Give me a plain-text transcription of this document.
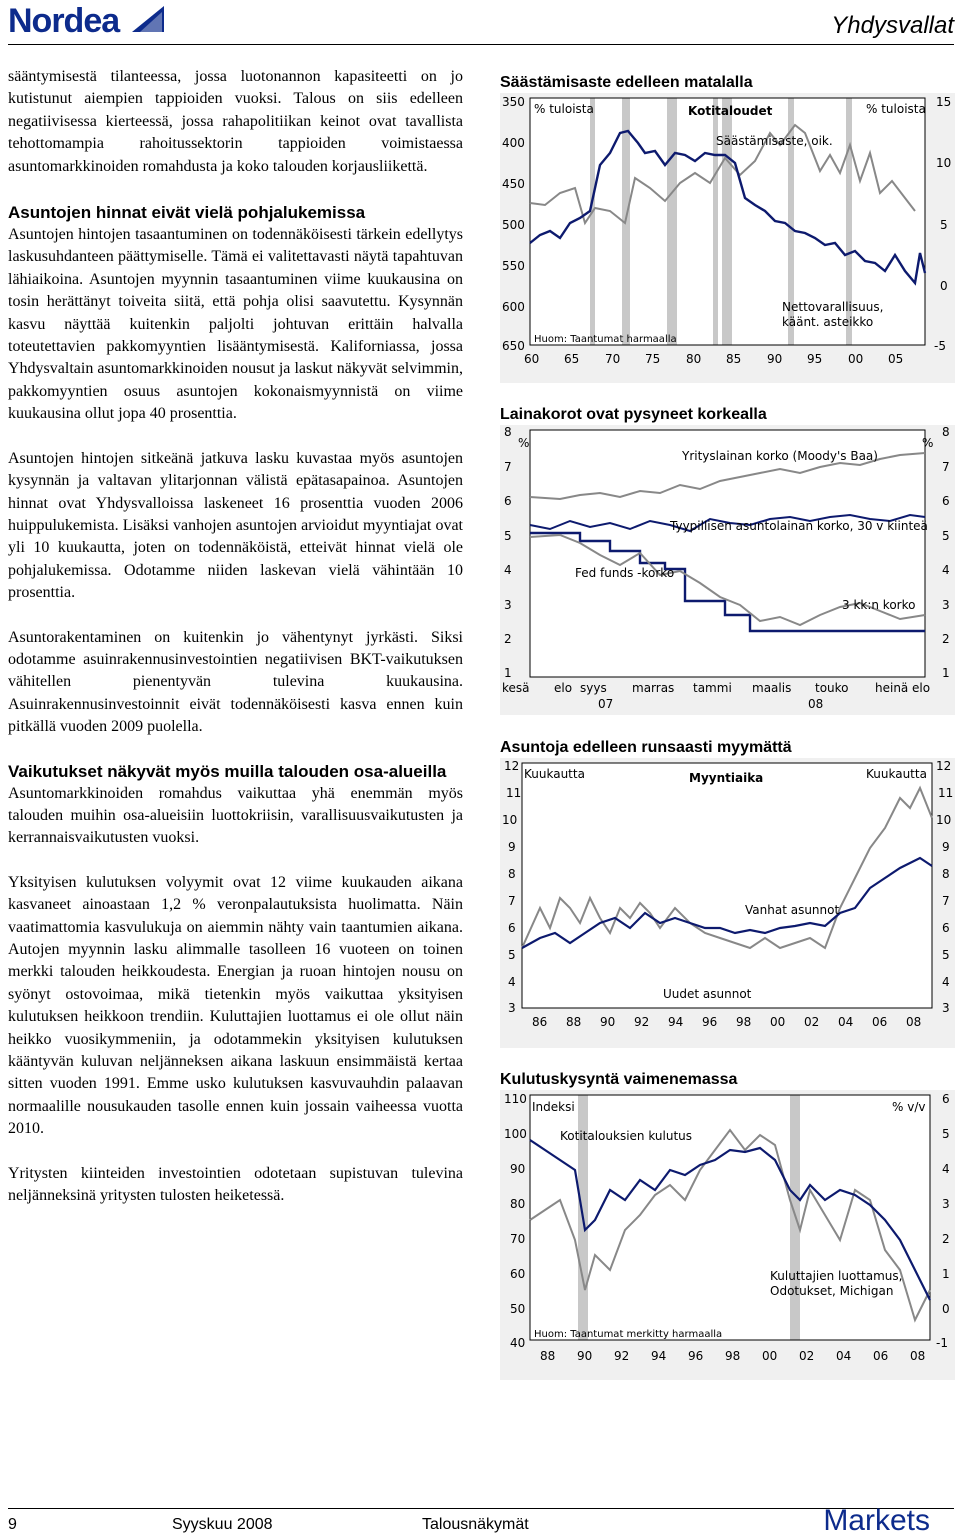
Nordea	Yhdysvallat

sääntymisestä tilanteessa, jossa luotonannon kapasiteetti on jo kutistunut aiempien tappioiden vuoksi. Talous on siis edelleen negatiivisessa kierteessä, jossa rahapolitiikan keinot ovat tavallista tehottomampia rahoitussektorin tappioiden voimistaessa asuntomarkkinoiden romahdusta ja koko talouden korjausliikettä.

Asuntojen hinnat eivät vielä pohjalukemissa

Asuntojen hintojen tasaantuminen on todennäköisesti tärkein edellytys laskusuhdanteen päättymiselle. Tämä ei valitettavasti näytä tapahtuvan lähiaikoina. Asuntojen myynnin tasaantuminen viime kuukausina on tosin herättänyt toiveita siitä, että pohja olisi saavutettu. Kysynnän kasvu näyttää kuitenkin paljolti johtuvan erittäin halvalla toteutettavien pakkomyyntien lisääntymisestä. Kaliforniassa, jossa Yhdysvaltain asuntomarkkinoiden nousut ja laskut näkyvät selvimmin, pakkomyyntien osuus asuntojen kokonaismyynnistä on viime kuukausina ollut jopa 40 prosenttia.

Asuntojen hintojen sitkeänä jatkuva lasku kuvastaa myös asuntojen kysynnän ja valtavan ylitarjonnan välistä epätasapainoa. Asuntojen hinnat ovat Yhdysvalloissa laskeneet 16 prosenttia vuoden 2006 huippulukemista. Lisäksi vanhojen asuntojen arvioidut myyntiajat ovat yli 10 kuukautta, joten on todennäköistä, etteivät hinnat vielä ole pohjalukemissa. Odotamme niiden laskevan vielä vähintään 10 prosenttia.

Asuntorakentaminen on kuitenkin jo vähentynyt jyrkästi. Siksi odotamme asuinrakennusinvestointien negatiivisen BKT-vaikutuksen vähitellen pienentyvän tulevina kuukausina. Asuinrakennusinvestoinnit eivät todennäköisesti kasva ennen kuin pitkällä vuoden 2009 puolella.

Vaikutukset näkyvät myös muilla talouden osa-alueilla

Asuntomarkkinoiden romahdus vaikuttaa yhä enemmän myös talouden muihin osa-alueisiin luottokriisin, varallisuusvaikutusten ja kerrannaisvaikutusten vuoksi.

Yksityisen kulutuksen volyymit ovat 12 viime kuukauden aikana kasvaneet ainoastaan 1,2 % veronpalautuksista huolimatta. Näin vaatimattomia kasvulukuja on aiemmin nähty vain taantumien aikana. Autojen myynnin lasku alimmalle tasolleen 16 vuoteen on toinen merkki talouden heikkoudesta. Energian ja ruoan hintojen nousu on syönyt ostovoimaa, mikä tietenkin myös vaikuttaa yksityisen kulutuksen heikkoon trendiin. Kuluttajien luottamus ei ole ollut näin heikko vuosikymmeniin, ja odotammekin yksityisen kulutuksen kääntyvän kuluvan neljänneksen aikana laskuun ensimmäistä kertaa sitten vuoden 1991. Emme usko kulutuksen kasvuvauhdin palaavan normaalille nousukauden tasolle ennen kuin jossain vaiheessa vuotta 2010.

Yritysten kiinteiden investointien odotetaan supistuvan tulevina neljänneksinä yritysten tulosten heiketessä.

Säästämisaste edelleen matalalla
350
400
450
500
550
600
650
15
10
5
0
-5
60 65 70 75 80 85 90 95 00 05
% tuloista	% tuloista
Kotitaloudet
Säästämisaste, oik.
Nettovarallisuus,
käänt. asteikko
Huom: Taantumat harmaalla
Lainakorot ovat pysyneet korkealla
8
7
6
5
4
3
2
1
8
7
6
5
4
3
2
1
kesä elo syys marras tammi maalis touko heinä elo
07	08
%	%
Yrityslainan korko (Moody's Baa)
Tyypillisen asuntolainan korko, 30 v kiinteä
Fed funds -korko
3 kk:n korko
Asuntoja edelleen runsaasti myymättä
12
11
10
9
8
7
6
5
4
3
12
11
10
9
8
7
6
5
4
3
86 88 90 92 94 96 98 00 02 04 06 08
Kuukautta	Kuukautta
Myyntiaika
Vanhat asunnot
Uudet asunnot
Kulutuskysyntä vaimenemassa
110
100
90
80
70
60
50
40
6
5
4
3
2
1
0
-1
88 90 92 94 96 98 00 02 04 06 08
Indeksi	% v/v
Kotitalouksien kulutus
Kuluttajien luottamus,
Odotukset, Michigan
Huom: Taantumat merkitty harmaalla
9	Syyskuu 2008	Talousnäkymät	Markets
